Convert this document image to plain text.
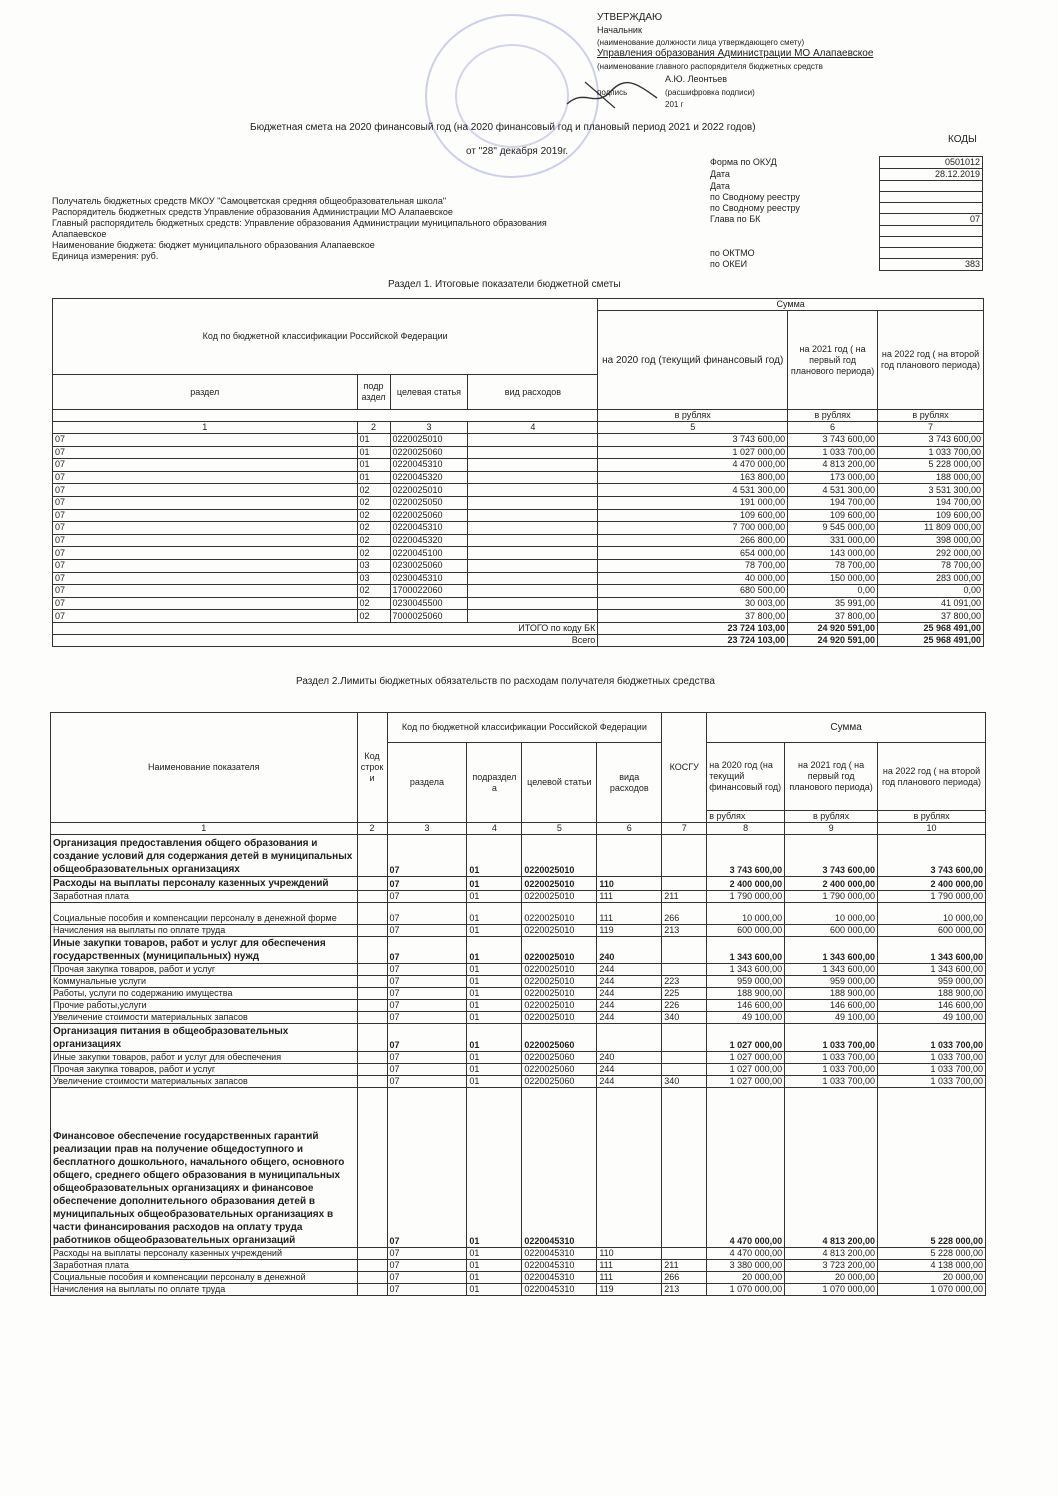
УТВЕРЖДАЮ
Начальник
(наименование должности лица утверждающего смету)
Управления образования Администрации МО Алапаевское
(наименование главного распорядителя бюджетных средств
А.Ю. Леонтьев
подпись	(расшифровка подписи)
201 г
Бюджетная смета на 2020 финансовый год (на 2020 финансовый год и плановый период 2021 и 2022 годов)
КОДЫ
от "28" декабря 2019г.
Форма по ОКУД	0501012
Дата	28.12.2019
Дата	
по Сводному реестру	
по Сводному реестру	
Глава по БК	07

по ОКТМО	
по ОКЕИ	383
Получатель бюджетных средств МКОУ "Самоцветская средняя общеобразовательная школа"
Распорядитель бюджетных средств Управление образования Администрации МО Алапаевское
Главный распорядитель бюджетных средств: Управление образования Администрации муниципального образования
Алапаевское
Наименование бюджета: бюджет муниципального образования Алапаевское
Единица измерения: руб.
Раздел 1. Итоговые показатели бюджетной сметы
Код по бюджетной классификации Российской Федерации				Сумма		
				на 2020 год (текущий финансовый год)	на 2021 год ( на первый год планового периода)	на 2022 год ( на второй год планового периода)
раздел	подр аздел	целевая статья	вид расходов			
				в рублях	в рублях	в рублях
1	2	3	4	5	6	7
07	01	0220025010		3 743 600,00	3 743 600,00	3 743 600,00
07	01	0220025060		1 027 000,00	1 033 700,00	1 033 700,00
07	01	0220045310		4 470 000,00	4 813 200,00	5 228 000,00
07	01	0220045320		163 800,00	173 000,00	188 000,00
07	02	0220025010		4 531 300,00	4 531 300,00	3 531 300,00
07	02	0220025050		191 000,00	194 700,00	194 700,00
07	02	0220025060		109 600,00	109 600,00	109 600,00
07	02	0220045310		7 700 000,00	9 545 000,00	11 809 000,00
07	02	0220045320		266 800,00	331 000,00	398 000,00
07	02	0220045100		654 000,00	143 000,00	292 000,00
07	03	0230025060		78 700,00	78 700,00	78 700,00
07	03	0230045310		40 000,00	150 000,00	283 000,00
07	02	1700022060		680 500,00	0,00	0,00
07	02	0230045500		30 003,00	35 991,00	41 091,00
07	02	7000025060		37 800,00	37 800,00	37 800,00
ИТОГО по коду БК				23 724 103,00	24 920 591,00	25 968 491,00
Всего				23 724 103,00	24 920 591,00	25 968 491,00
Раздел 2.Лимиты бюджетных обязательств по расходам получателя бюджетных средства
Наименование показателя	Код строк и	Код по бюджетной классификации Российской Федерации				КОСГУ	Сумма		
		раздела	подраздел а	целевой статьи	вида расходов		на 2020 год (на текущий финансовый год)	на 2021 год ( на первый год планового периода)	на 2022 год ( на второй год планового периода)
							в рублях	в рублях	в рублях
1	2	3	4	5	6	7	8	9	10
Организация предоставления общего образования и создание условий для содержания детей в муниципальных общеобразовательных организациях		07	01	0220025010			3 743 600,00	3 743 600,00	3 743 600,00
Расходы на выплаты персоналу казенных учреждений		07	01	0220025010	110		2 400 000,00	2 400 000,00	2 400 000,00
Заработная плата		07	01	0220025010	111	211	1 790 000,00	1 790 000,00	1 790 000,00
Социальные пособия и компенсации персоналу в денежной форме		07	01	0220025010	111	266	10 000,00	10 000,00	10 000,00
Начисления на выплаты по оплате труда		07	01	0220025010	119	213	600 000,00	600 000,00	600 000,00
Иные закупки товаров, работ и услуг для обеспечения государственных (муниципальных) нужд		07	01	0220025010	240		1 343 600,00	1 343 600,00	1 343 600,00
Прочая закупка товаров, работ и услуг		07	01	0220025010	244		1 343 600,00	1 343 600,00	1 343 600,00
Коммунальные услуги		07	01	0220025010	244	223	959 000,00	959 000,00	959 000,00
Работы, услуги по содержанию имущества		07	01	0220025010	244	225	188 900,00	188 900,00	188 900,00
Прочие работы,услуги		07	01	0220025010	244	226	146 600,00	146 600,00	146 600,00
Увеличение стоимости материальных запасов		07	01	0220025010	244	340	49 100,00	49 100,00	49 100,00
Организация питания в общеобразовательных организациях		07	01	0220025060			1 027 000,00	1 033 700,00	1 033 700,00
Иные закупки товаров, работ и услуг для обеспечения		07	01	0220025060	240		1 027 000,00	1 033 700,00	1 033 700,00
Прочая закупка товаров, работ и услуг		07	01	0220025060	244		1 027 000,00	1 033 700,00	1 033 700,00
Увеличение стоимости материальных запасов		07	01	0220025060	244	340	1 027 000,00	1 033 700,00	1 033 700,00
Финансовое обеспечение государственных гарантий реализации прав на получение общедоступного и бесплатного дошкольного, начального общего, основного общего, среднего общего образования в муниципальных общеобразовательных организациях и финансовое обеспечение дополнительного образования детей в муниципальных общеобразовательных организациях в части финансирования расходов на оплату труда работников общеобразовательных организаций		07	01	0220045310			4 470 000,00	4 813 200,00	5 228 000,00
Расходы на выплаты персоналу казенных учреждений		07	01	0220045310	110		4 470 000,00	4 813 200,00	5 228 000,00
Заработная плата		07	01	0220045310	111	211	3 380 000,00	3 723 200,00	4 138 000,00
Социальные пособия и компенсации персоналу в денежной		07	01	0220045310	111	266	20 000,00	20 000,00	20 000,00
Начисления на выплаты по оплате труда		07	01	0220045310	119	213	1 070 000,00	1 070 000,00	1 070 000,00
